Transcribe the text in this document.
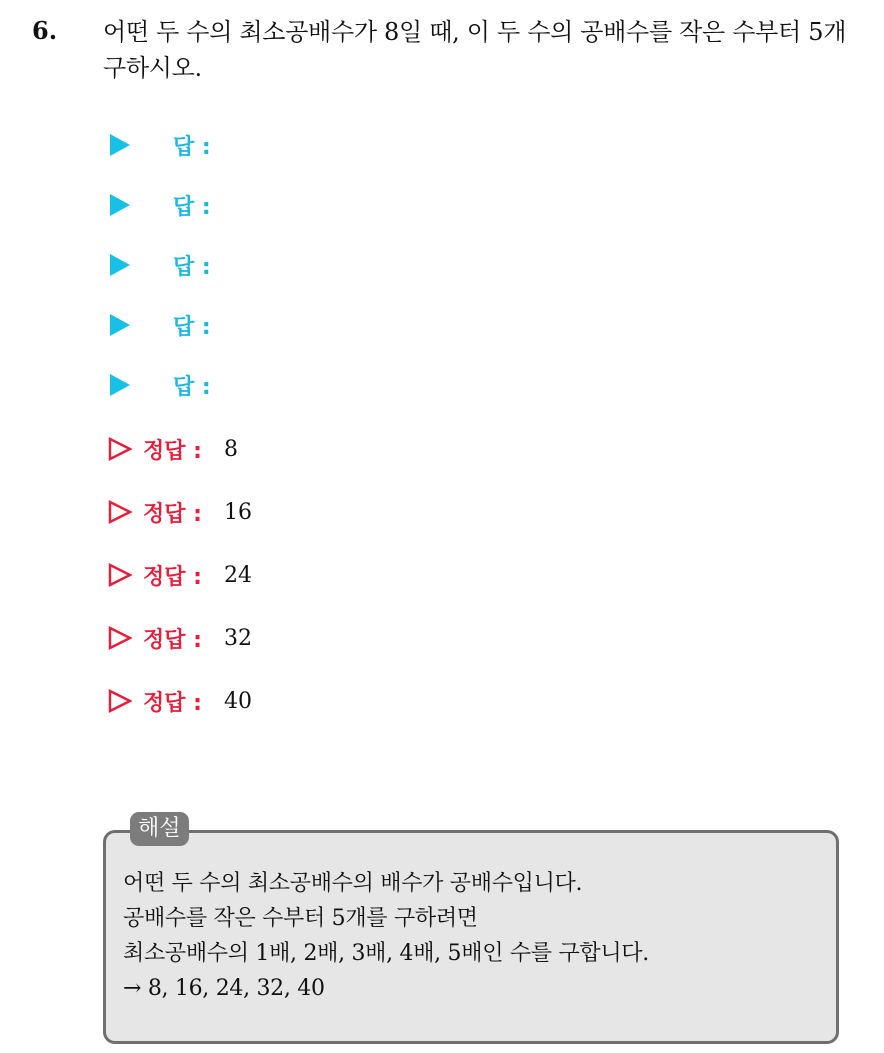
6. 어떤 두 수의 최소공배수가 8일 때, 이 두 수의 공배수를 작은 수부터 5개 구하시오.
답 :
답 :
답 :
답 :
답 :
정답 : 8
정답 : 16
정답 : 24
정답 : 32
정답 : 40
해설
어떤 두 수의 최소공배수의 배수가 공배수입니다.
공배수를 작은 수부터 5개를 구하려면
최소공배수의 1배, 2배, 3배, 4배, 5배인 수를 구합니다.
→ 8, 16, 24, 32, 40
